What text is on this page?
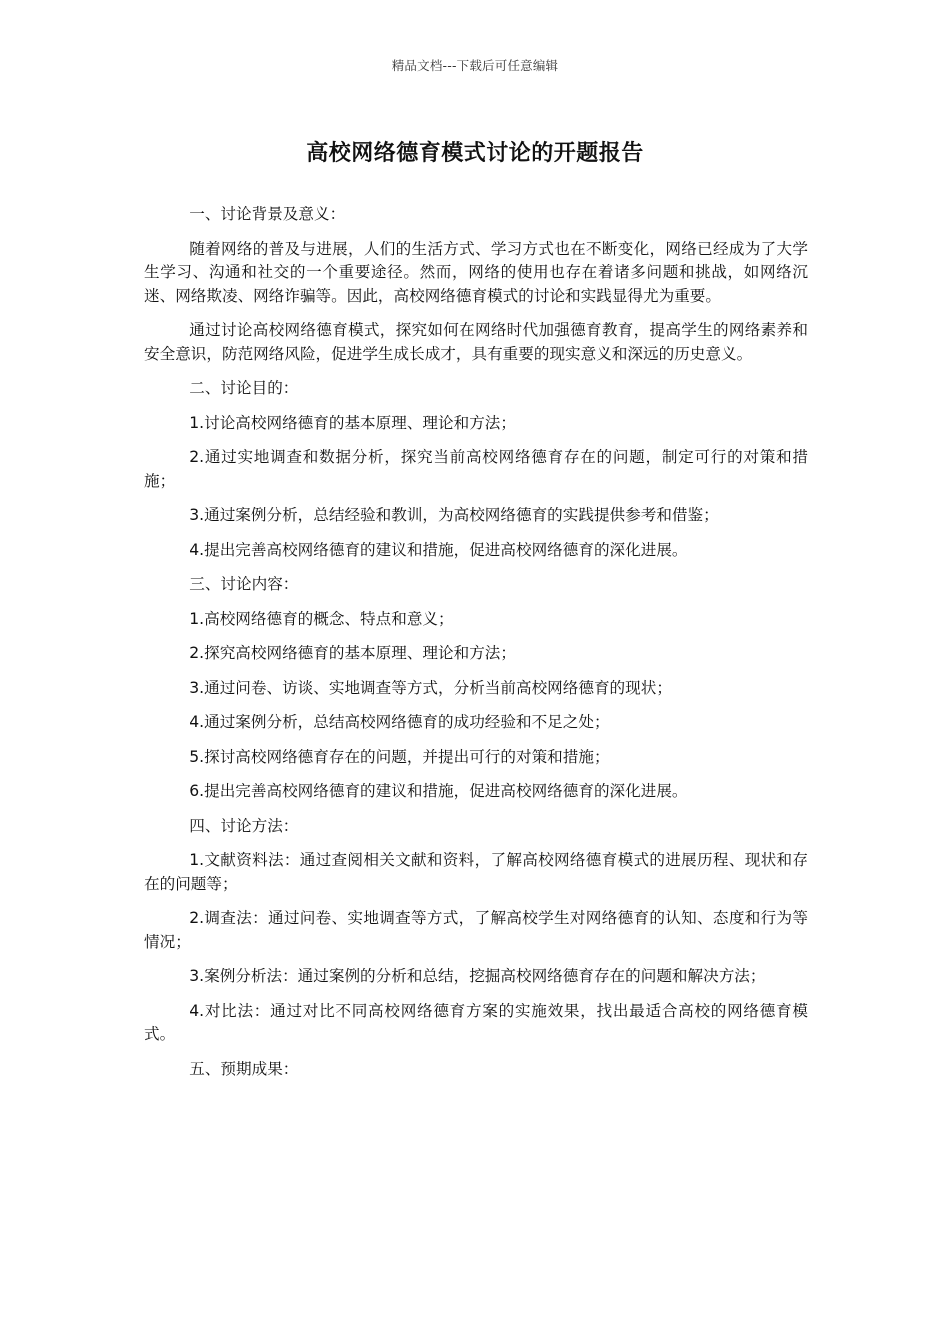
精品文档---下载后可任意编辑
高校网络德育模式讨论的开题报告

一、讨论背景及意义：

随着网络的普及与进展，人们的生活方式、学习方式也在不断变化，网络已经成为了大学生学习、沟通和社交的一个重要途径。然而，网络的使用也存在着诸多问题和挑战，如网络沉迷、网络欺凌、网络诈骗等。因此，高校网络德育模式的讨论和实践显得尤为重要。

通过讨论高校网络德育模式，探究如何在网络时代加强德育教育，提高学生的网络素养和安全意识，防范网络风险，促进学生成长成才，具有重要的现实意义和深远的历史意义。

二、讨论目的：

1.讨论高校网络德育的基本原理、理论和方法；

2.通过实地调查和数据分析，探究当前高校网络德育存在的问题，制定可行的对策和措施；

3.通过案例分析，总结经验和教训，为高校网络德育的实践提供参考和借鉴；

4.提出完善高校网络德育的建议和措施，促进高校网络德育的深化进展。

三、讨论内容：

1.高校网络德育的概念、特点和意义；

2.探究高校网络德育的基本原理、理论和方法；

3.通过问卷、访谈、实地调查等方式，分析当前高校网络德育的现状；

4.通过案例分析，总结高校网络德育的成功经验和不足之处；

5.探讨高校网络德育存在的问题，并提出可行的对策和措施；

6.提出完善高校网络德育的建议和措施，促进高校网络德育的深化进展。

四、讨论方法：

1.文献资料法：通过查阅相关文献和资料，了解高校网络德育模式的进展历程、现状和存在的问题等；

2.调查法：通过问卷、实地调查等方式，了解高校学生对网络德育的认知、态度和行为等情况；

3.案例分析法：通过案例的分析和总结，挖掘高校网络德育存在的问题和解决方法；

4.对比法：通过对比不同高校网络德育方案的实施效果，找出最适合高校的网络德育模式。

五、预期成果：
